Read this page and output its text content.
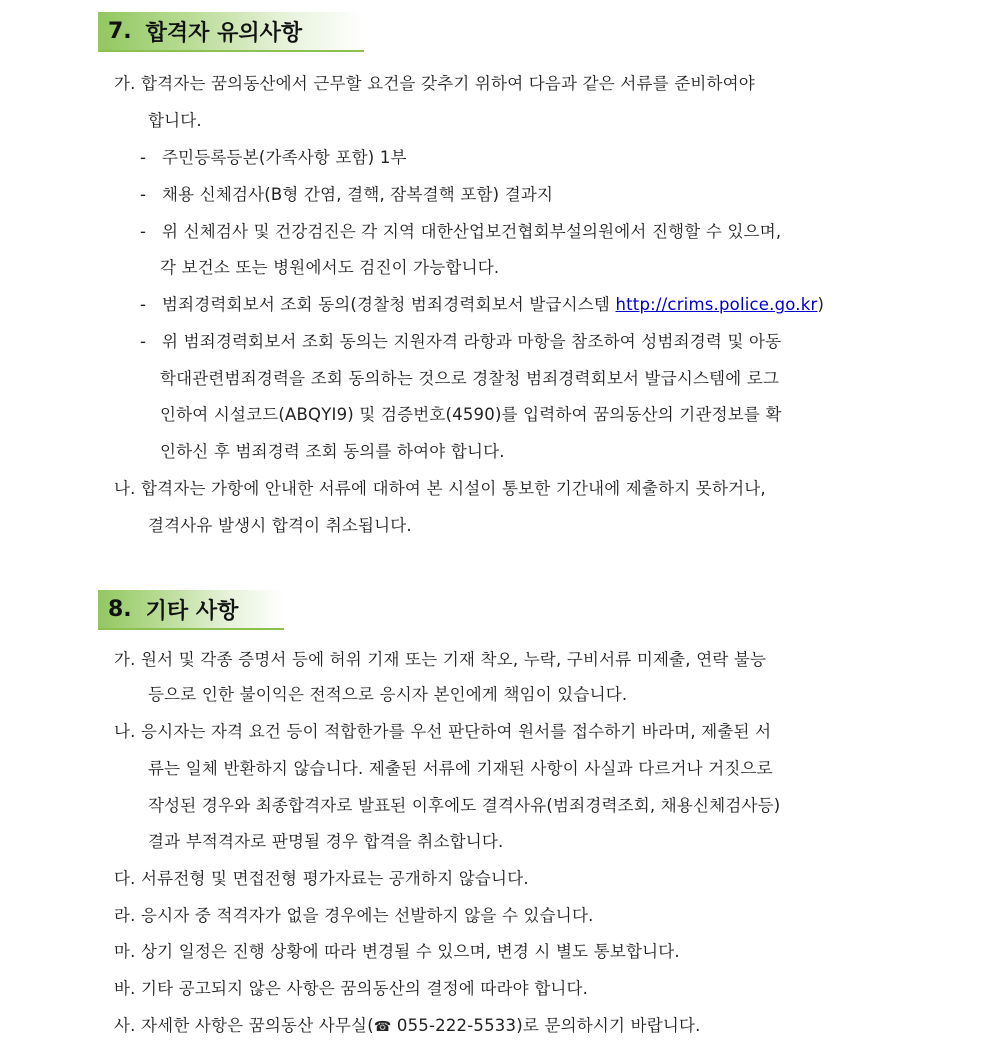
7. 합격자 유의사항
가. 합격자는 꿈의동산에서 근무할 요건을 갖추기 위하여 다음과 같은 서류를 준비하여야
합니다.
- 주민등록등본(가족사항 포함) 1부
- 채용 신체검사(B형 간염, 결핵, 잠복결핵 포함) 결과지
- 위 신체검사 및 건강검진은 각 지역 대한산업보건협회부설의원에서 진행할 수 있으며,
각 보건소 또는 병원에서도 검진이 가능합니다.
- 범죄경력회보서 조회 동의(경찰청 범죄경력회보서 발급시스템 http://crims.police.go.kr)
- 위 범죄경력회보서 조회 동의는 지원자격 라항과 마항을 참조하여 성범죄경력 및 아동
학대관련범죄경력을 조회 동의하는 것으로 경찰청 범죄경력회보서 발급시스템에 로그
인하여 시설코드(ABQYI9) 및 검증번호(4590)를 입력하여 꿈의동산의 기관정보를 확
인하신 후 범죄경력 조회 동의를 하여야 합니다.
나. 합격자는 가항에 안내한 서류에 대하여 본 시설이 통보한 기간내에 제출하지 못하거나,
결격사유 발생시 합격이 취소됩니다.
8. 기타 사항
가. 원서 및 각종 증명서 등에 허위 기재 또는 기재 착오, 누락, 구비서류 미제출, 연락 불능
등으로 인한 불이익은 전적으로 응시자 본인에게 책임이 있습니다.
나. 응시자는 자격 요건 등이 적합한가를 우선 판단하여 원서를 접수하기 바라며, 제출된 서
류는 일체 반환하지 않습니다. 제출된 서류에 기재된 사항이 사실과 다르거나 거짓으로
작성된 경우와 최종합격자로 발표된 이후에도 결격사유(범죄경력조회, 채용신체검사등)
결과 부적격자로 판명될 경우 합격을 취소합니다.
다. 서류전형 및 면접전형 평가자료는 공개하지 않습니다.
라. 응시자 중 적격자가 없을 경우에는 선발하지 않을 수 있습니다.
마. 상기 일정은 진행 상황에 따라 변경될 수 있으며, 변경 시 별도 통보합니다.
바. 기타 공고되지 않은 사항은 꿈의동산의 결정에 따라야 합니다.
사. 자세한 사항은 꿈의동산 사무실(☎ 055-222-5533)로 문의하시기 바랍니다.
